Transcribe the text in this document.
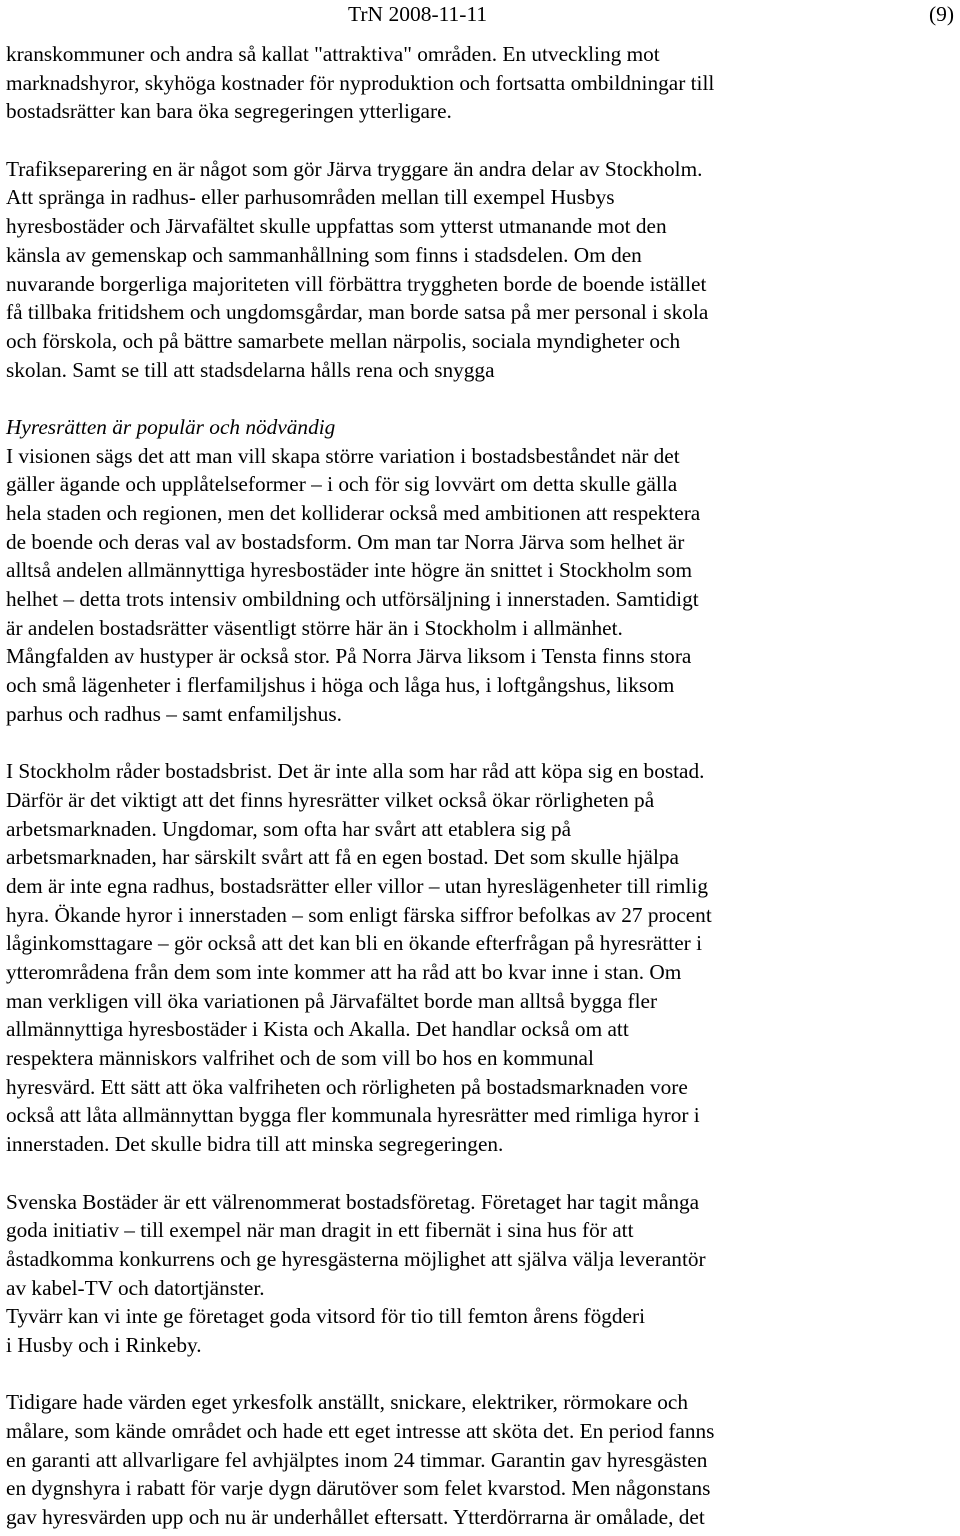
TrN 2008-11-11	(9)
kranskommuner och andra så kallat "attraktiva" områden. En utveckling mot
marknadshyror, skyhöga kostnader för nyproduktion och fortsatta ombildningar till
bostadsrätter kan bara öka segregeringen ytterligare.
Trafikseparering en är något som gör Järva tryggare än andra delar av Stockholm.
Att spränga in radhus- eller parhusområden mellan till exempel Husbys
hyresbostäder och Järvafältet skulle uppfattas som ytterst utmanande mot den
känsla av gemenskap och sammanhållning som finns i stadsdelen. Om den
nuvarande borgerliga majoriteten vill förbättra tryggheten borde de boende istället
få tillbaka fritidshem och ungdomsgårdar, man borde satsa på mer personal i skola
och förskola, och på bättre samarbete mellan närpolis, sociala myndigheter och
skolan. Samt se till att stadsdelarna hålls rena och snygga
Hyresrätten är populär och nödvändig
I visionen sägs det att man vill skapa större variation i bostadsbeståndet när det
gäller ägande och upplåtelseformer – i och för sig lovvärt om detta skulle gälla
hela staden och regionen, men det kolliderar också med ambitionen att respektera
de boende och deras val av bostadsform. Om man tar Norra Järva som helhet är
alltså andelen allmännyttiga hyresbostäder inte högre än snittet i Stockholm som
helhet – detta trots intensiv ombildning och utförsäljning i innerstaden. Samtidigt
är andelen bostadsrätter väsentligt större här än i Stockholm i allmänhet.
Mångfalden av hustyper är också stor. På Norra Järva liksom i Tensta finns stora
och små lägenheter i flerfamiljshus i höga och låga hus, i loftgångshus, liksom
parhus och radhus – samt enfamiljshus.
I Stockholm råder bostadsbrist. Det är inte alla som har råd att köpa sig en bostad.
Därför är det viktigt att det finns hyresrätter vilket också ökar rörligheten på
arbetsmarknaden. Ungdomar, som ofta har svårt att etablera sig på
arbetsmarknaden, har särskilt svårt att få en egen bostad. Det som skulle hjälpa
dem är inte egna radhus, bostadsrätter eller villor – utan hyreslägenheter till rimlig
hyra. Ökande hyror i innerstaden – som enligt färska siffror befolkas av 27 procent
låginkomsttagare – gör också att det kan bli en ökande efterfrågan på hyresrätter i
ytterområdena från dem som inte kommer att ha råd att bo kvar inne i stan. Om
man verkligen vill öka variationen på Järvafältet borde man alltså bygga fler
allmännyttiga hyresbostäder i Kista och Akalla. Det handlar också om att
respektera människors valfrihet och de som vill bo hos en kommunal
hyresvärd. Ett sätt att öka valfriheten och rörligheten på bostadsmarknaden vore
också att låta allmännyttan bygga fler kommunala hyresrätter med rimliga hyror i
innerstaden. Det skulle bidra till att minska segregeringen.
Svenska Bostäder är ett välrenommerat bostadsföretag. Företaget har tagit många
goda initiativ – till exempel när man dragit in ett fibernät i sina hus för att
åstadkomma konkurrens och ge hyresgästerna möjlighet att själva välja leverantör
av kabel-TV och datortjänster.
Tyvärr kan vi inte ge företaget goda vitsord för tio till femton årens fögderi
i Husby och i Rinkeby.
Tidigare hade värden eget yrkesfolk anställt, snickare, elektriker, rörmokare och
målare, som kände området och hade ett eget intresse att sköta det. En period fanns
en garanti att allvarligare fel avhjälptes inom 24 timmar. Garantin gav hyresgästen
en dygnshyra i rabatt för varje dygn därutöver som felet kvarstod. Men någonstans
gav hyresvärden upp och nu är underhållet eftersatt. Ytterdörrarna är omålade, det
